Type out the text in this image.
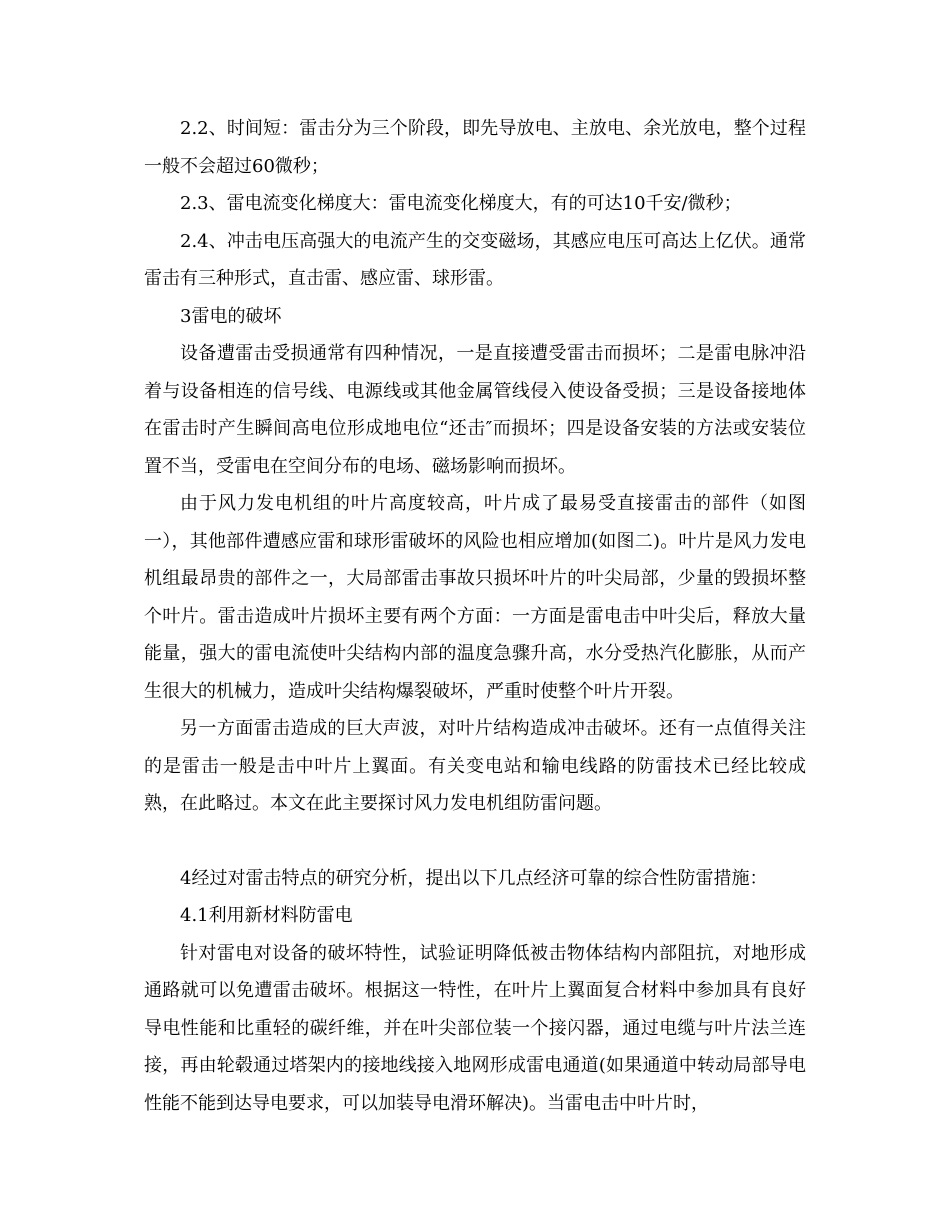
2.2、时间短：雷击分为三个阶段，即先导放电、主放电、余光放电，整个过程一般不会超过60微秒；

2.3、雷电流变化梯度大：雷电流变化梯度大，有的可达10千安/微秒；

2.4、冲击电压高强大的电流产生的交变磁场，其感应电压可高达上亿伏。通常雷击有三种形式，直击雷、感应雷、球形雷。

3雷电的破坏

设备遭雷击受损通常有四种情况，一是直接遭受雷击而损坏；二是雷电脉冲沿着与设备相连的信号线、电源线或其他金属管线侵入使设备受损；三是设备接地体在雷击时产生瞬间高电位形成地电位“还击″而损坏；四是设备安装的方法或安装位置不当，受雷电在空间分布的电场、磁场影响而损坏。

由于风力发电机组的叶片高度较高，叶片成了最易受直接雷击的部件（如图一），其他部件遭感应雷和球形雷破坏的风险也相应增加(如图二)。叶片是风力发电机组最昂贵的部件之一，大局部雷击事故只损坏叶片的叶尖局部，少量的毁损坏整个叶片。雷击造成叶片损坏主要有两个方面：一方面是雷电击中叶尖后，释放大量能量，强大的雷电流使叶尖结构内部的温度急骤升高，水分受热汽化膨胀，从而产生很大的机械力，造成叶尖结构爆裂破坏，严重时使整个叶片开裂。

另一方面雷击造成的巨大声波，对叶片结构造成冲击破坏。还有一点值得关注的是雷击一般是击中叶片上翼面。有关变电站和输电线路的防雷技术已经比较成熟，在此略过。本文在此主要探讨风力发电机组防雷问题。

4经过对雷击特点的研究分析，提出以下几点经济可靠的综合性防雷措施：

4.1利用新材料防雷电

针对雷电对设备的破坏特性，试验证明降低被击物体结构内部阻抗，对地形成通路就可以免遭雷击破坏。根据这一特性，在叶片上翼面复合材料中参加具有良好导电性能和比重轻的碳纤维，并在叶尖部位装一个接闪器，通过电缆与叶片法兰连接，再由轮毂通过塔架内的接地线接入地网形成雷电通道(如果通道中转动局部导电性能不能到达导电要求，可以加装导电滑环解决)。当雷电击中叶片时，
